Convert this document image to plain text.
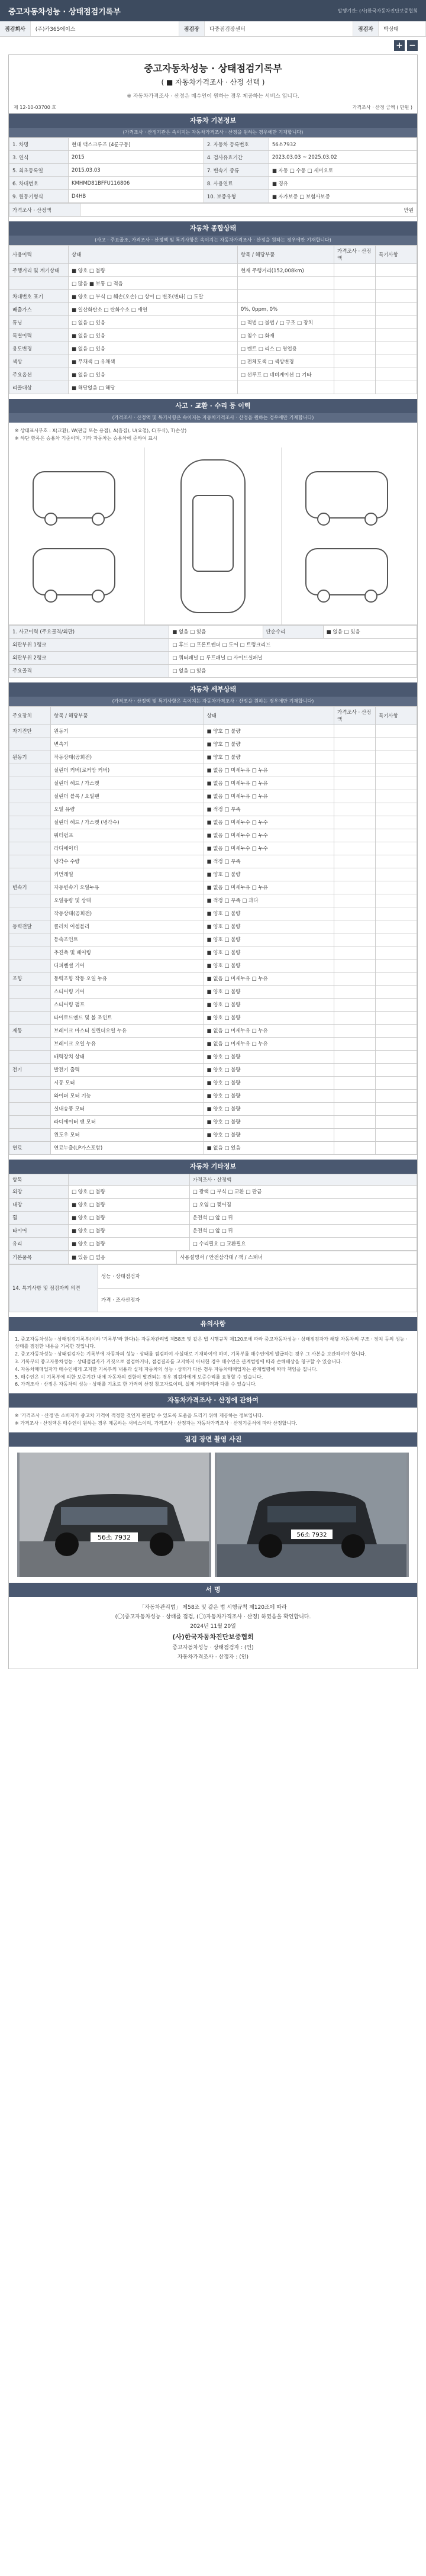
중고자동차성능 · 상태점검기록부	발행기관: (사)한국자동차진단보증협회
점검회사	(주)카365에이스	점검장	다중점검장센터	점검자	박상태
+ −
중고자동차성능 · 상태점검기록부
( ■ 자동차가격조사 · 산정 선택 )
※ 자동차가격조사 · 산정은 매수인이 원하는 경우 제공하는 서비스 입니다.
제 12-10-03700 호	가격조사 · 산정 금액 ( 만원 )
자동차 기본정보
(가격조사 · 산정기관은 속이지는 자동차가격조사 · 산정을 원하는 경우에만 기재합니다)
1. 차명	현대 맥스크루즈 (4륜구동)	2. 자동차 등록번호	56소7932
3. 연식	2015	4. 검사유효기간	2023.03.03 ~ 2025.03.02
5. 최초등록일	2015.03.03	7. 변속기 종류	■ 자동 □ 수동 □ 세미오토
6. 차대번호	KMHMD81BFFU116806	8. 사용연료	■ 경유
9. 원동기형식	D4HB	10. 보증유형	■ 자가보증 □ 보험사보증
가격조사 · 산정액	만원
자동차 종합상태
(사고 · 주요골조, 가격조사 · 산정액 및 특기사항은 속이지는 자동차가격조사 · 산정을 원하는 경우에만 기재합니다)
사용이력	상태	항목 / 해당부품	가격조사 · 산정액	특기사항
주행거리 및 계기상태	■ 양호 □ 불량	현재 주행거리(152,008km)		
	□ 많음 ■ 보통 □ 적음			
차대번호 표기	■ 양호 □ 부식 □ 훼손(오손) □ 상이 □ 변조(변타) □ 도말			
배출가스	■ 일산화탄소 □ 탄화수소 □ 매연	0%, 0ppm, 0%		
튜닝	□ 없음 □ 있음	□ 적법 □ 불법 / □ 구조 □ 장치		
특별이력	■ 없음 □ 있음	□ 침수 □ 화재		
용도변경	■ 없음 □ 있음	□ 렌트 □ 리스 □ 영업용		
색상	■ 무채색 □ 유채색	□ 전체도색 □ 색상변경		
주요옵션	■ 없음 □ 있음	□ 선루프 □ 네비게이션 □ 기타		
리콜대상	■ 해당없음 □ 해당			
사고 · 교환 · 수리 등 이력
(가격조사 · 산정액 및 특기사항은 속이지는 자동차가격조사 · 산정을 원하는 경우에만 기재합니다)
※ 상태표시부호 : X(교환), W(판금 또는 용접), A(흠집), U(요철), C(부식), T(손상)
※ 하단 항목은 승용차 기준이며, 기타 자동차는 승용차에 준하여 표시
1. 사고이력 (주요골격/외판)	■ 없음 □ 있음	단순수리	■ 없음 □ 있음
외판부위 1랭크	□ 후드 □ 프론트펜더 □ 도어 □ 트렁크리드		
외판부위 2랭크	□ 쿼터패널 □ 루프패널 □ 사이드실패널		
주요골격	□ 없음 □ 있음		
자동차 세부상태
(가격조사 · 산정액 및 특기사항은 속이지는 자동차가격조사 · 산정을 원하는 경우에만 기재합니다)
주요장치	항목 / 해당부품	상태	가격조사 · 산정액	특기사항
자기진단	원동기	■ 양호 □ 불량		
	변속기	■ 양호 □ 불량		
원동기	작동상태(공회전)	■ 양호 □ 불량		
	실린더 커버(로커암 커버)	■ 없음 □ 미세누유 □ 누유		
	실린더 헤드 / 가스켓	■ 없음 □ 미세누유 □ 누유		
	실린더 블록 / 오일팬	■ 없음 □ 미세누유 □ 누유		
	오일 유량	■ 적정 □ 부족		
	실린더 헤드 / 가스켓 (냉각수)	■ 없음 □ 미세누수 □ 누수		
	워터펌프	■ 없음 □ 미세누수 □ 누수		
	라디에이터	■ 없음 □ 미세누수 □ 누수		
	냉각수 수량	■ 적정 □ 부족		
	커먼레일	■ 양호 □ 불량		
변속기	자동변속기 오일누유	■ 없음 □ 미세누유 □ 누유		
	오일유량 및 상태	■ 적정 □ 부족 □ 과다		
	작동상태(공회전)	■ 양호 □ 불량		
동력전달	클러치 어셈블리	■ 양호 □ 불량		
	등속조인트	■ 양호 □ 불량		
	추진축 및 베어링	■ 양호 □ 불량		
	디피렌셜 기어	■ 양호 □ 불량		
조향	동력조향 작동 오일 누유	■ 없음 □ 미세누유 □ 누유		
	스티어링 기어	■ 양호 □ 불량		
	스티어링 펌프	■ 양호 □ 불량		
	타이로드엔드 및 볼 조인트	■ 양호 □ 불량		
제동	브레이크 마스터 실린더오일 누유	■ 없음 □ 미세누유 □ 누유		
	브레이크 오일 누유	■ 없음 □ 미세누유 □ 누유		
	배력장치 상태	■ 양호 □ 불량		
전기	발전기 출력	■ 양호 □ 불량		
	시동 모터	■ 양호 □ 불량		
	와이퍼 모터 기능	■ 양호 □ 불량		
	실내송풍 모터	■ 양호 □ 불량		
	라디에이터 팬 모터	■ 양호 □ 불량		
	윈도우 모터	■ 양호 □ 불량		
연료	연료누출(LP가스포함)	■ 없음 □ 있음		
자동차 기타정보
항목		가격조사 · 산정액
외장	□ 양호 □ 불량	□ 광택 □ 부식 □ 교환 □ 판금
내장	■ 양호 □ 불량	□ 오염 □ 찢어짐
휠	■ 양호 □ 불량	운전석 □ 앞 □ 뒤
타이어	■ 양호 □ 불량	운전석 □ 앞 □ 뒤
유리	■ 양호 □ 불량	□ 수리필요 □ 교환필요
기본품목	■ 있음 □ 없음	사용설명서 / 안전삼각대 / 잭 / 스패너
14. 특기사항 및 점검자의 의견	성능 · 상태점검자
가격 · 조사산정자
유의사항
1. 중고자동차성능 · 상태점검기록부(이하 '기록부'라 한다)는 자동차관리법 제58조 및 같은 법 시행규칙 제120조에 따라 중고자동차성능 · 상태점검자가 해당 자동차의 구조 · 장치 등의 성능 · 상태를 점검한 내용을 기록한 것입니다.
2. 중고자동차성능 · 상태점검자는 기록부에 자동차의 성능 · 상태를 점검하여 사실대로 기재하여야 하며, 기록부를 매수인에게 발급하는 경우 그 사본을 보관하여야 합니다.
3. 기록부의 중고자동차성능 · 상태점검자가 거짓으로 점검하거나, 점검결과를 고지하지 아니한 경우 매수인은 관계법령에 따라 손해배상을 청구할 수 있습니다.
4. 자동차매매업자가 매수인에게 고지한 기록부의 내용과 실제 자동차의 성능 · 상태가 다른 경우 자동차매매업자는 관계법령에 따라 책임을 집니다.
5. 매수인은 이 기록부에 의한 보증기간 내에 자동차의 결함이 발견되는 경우 점검자에게 보증수리를 요청할 수 있습니다.
6. 가격조사 · 산정은 자동차의 성능 · 상태를 기초로 한 가격의 산정 참고자료이며, 실제 거래가격과 다를 수 있습니다.
자동차가격조사 · 산정에 관하여
※ '가격조사 · 산정'은 소비자가 중고차 가격이 적정한 것인지 판단할 수 있도록 도움을 드리기 위해 제공하는 정보입니다.
※ 가격조사 · 산정액은 매수인이 원하는 경우 제공하는 서비스이며, 가격조사 · 산정자는 자동차가격조사 · 산정기준서에 따라 산정합니다.
점검 장면 촬영 사진
56소 7932	56소 7932
서 명
「자동차관리법」 제58조 및 같은 법 시행규칙 제120조에 따라
(〇)중고자동차성능 · 상태를 점검, (〇)자동차가격조사 · 산정) 하였음을 확인합니다.
2024년 11월 20일
(사)한국자동차진단보증협회
중고자동차성능 · 상태점검자 : (인)
자동차가격조사 · 산정자 : (인)
